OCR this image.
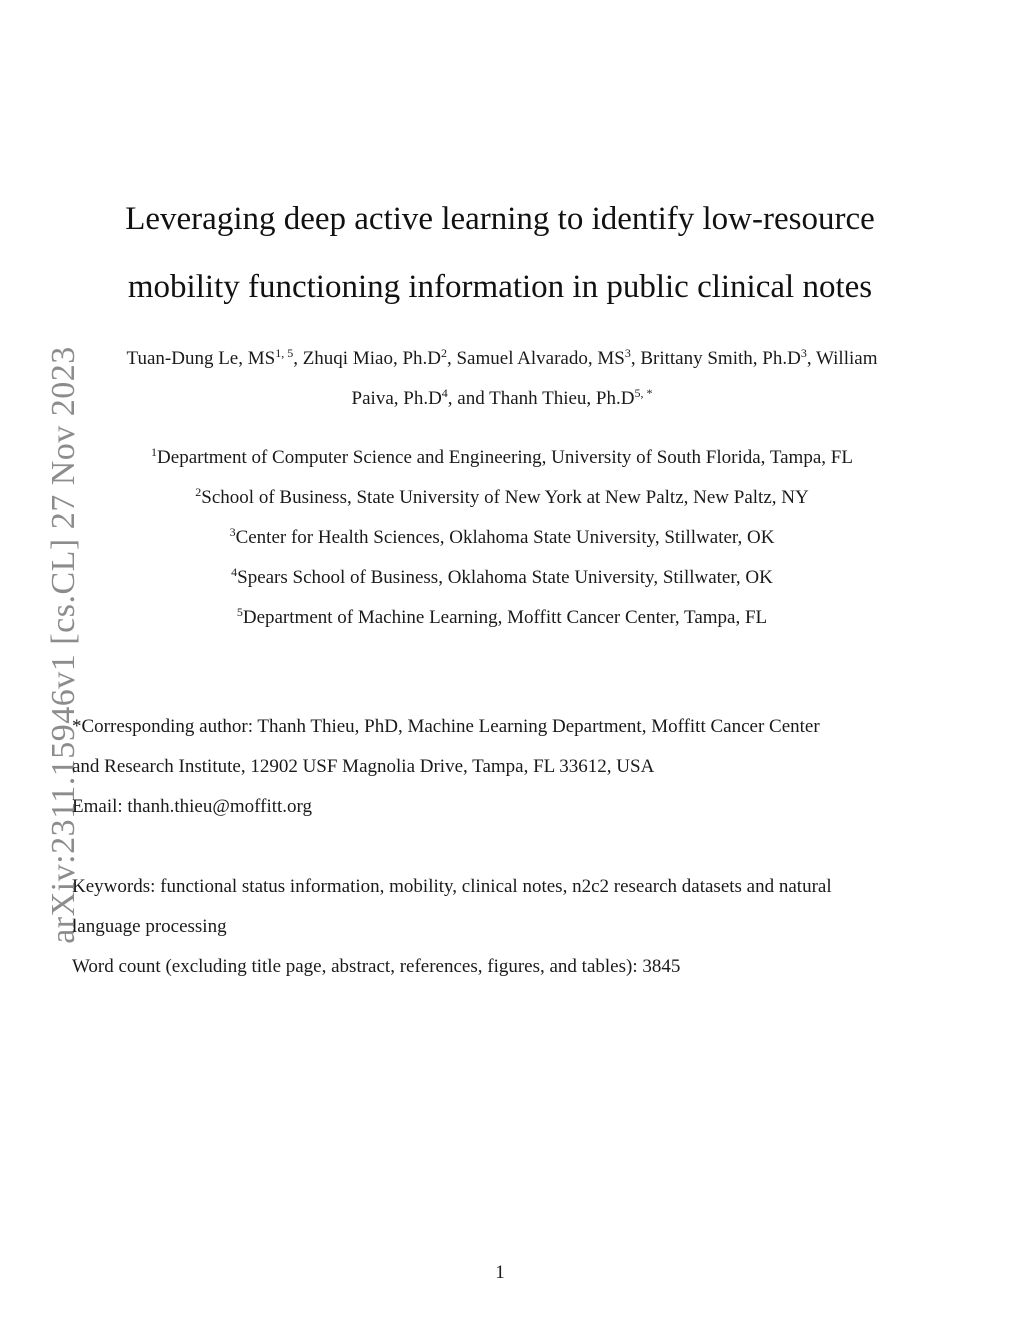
arXiv:2311.15946v1 [cs.CL] 27 Nov 2023
Leveraging deep active learning to identify low-resource
mobility functioning information in public clinical notes
Tuan-Dung Le, MS$^{1, 5}$, Zhuqi Miao, $Ph.D^2$, Samuel Alvarado, $MS^3$, Brittany Smith, $Ph.D^3$, William
Paiva, $Ph.D^4$, and Thanh Thieu, $Ph.D^{5, *}$
$^1$Department of Computer Science and Engineering, University of South Florida, Tampa, FL
$^2$School of Business, State University of New York at New Paltz, New Paltz, NY
$^3$Center for Health Sciences, Oklahoma State University, Stillwater, OK
$^4$Spears School of Business, Oklahoma State University, Stillwater, OK
$^5$Department of Machine Learning, Moffitt Cancer Center, Tampa, FL
*Corresponding author: Thanh Thieu, PhD, Machine Learning Department, Moffitt Cancer Center
and Research Institute, 12902 USF Magnolia Drive, Tampa, FL 33612, USA
Email: thanh.thieu@moffitt.org
Keywords: functional status information, mobility, clinical notes, n2c2 research datasets and natural
language processing
Word count (excluding title page, abstract, references, figures, and tables): 3845
1
